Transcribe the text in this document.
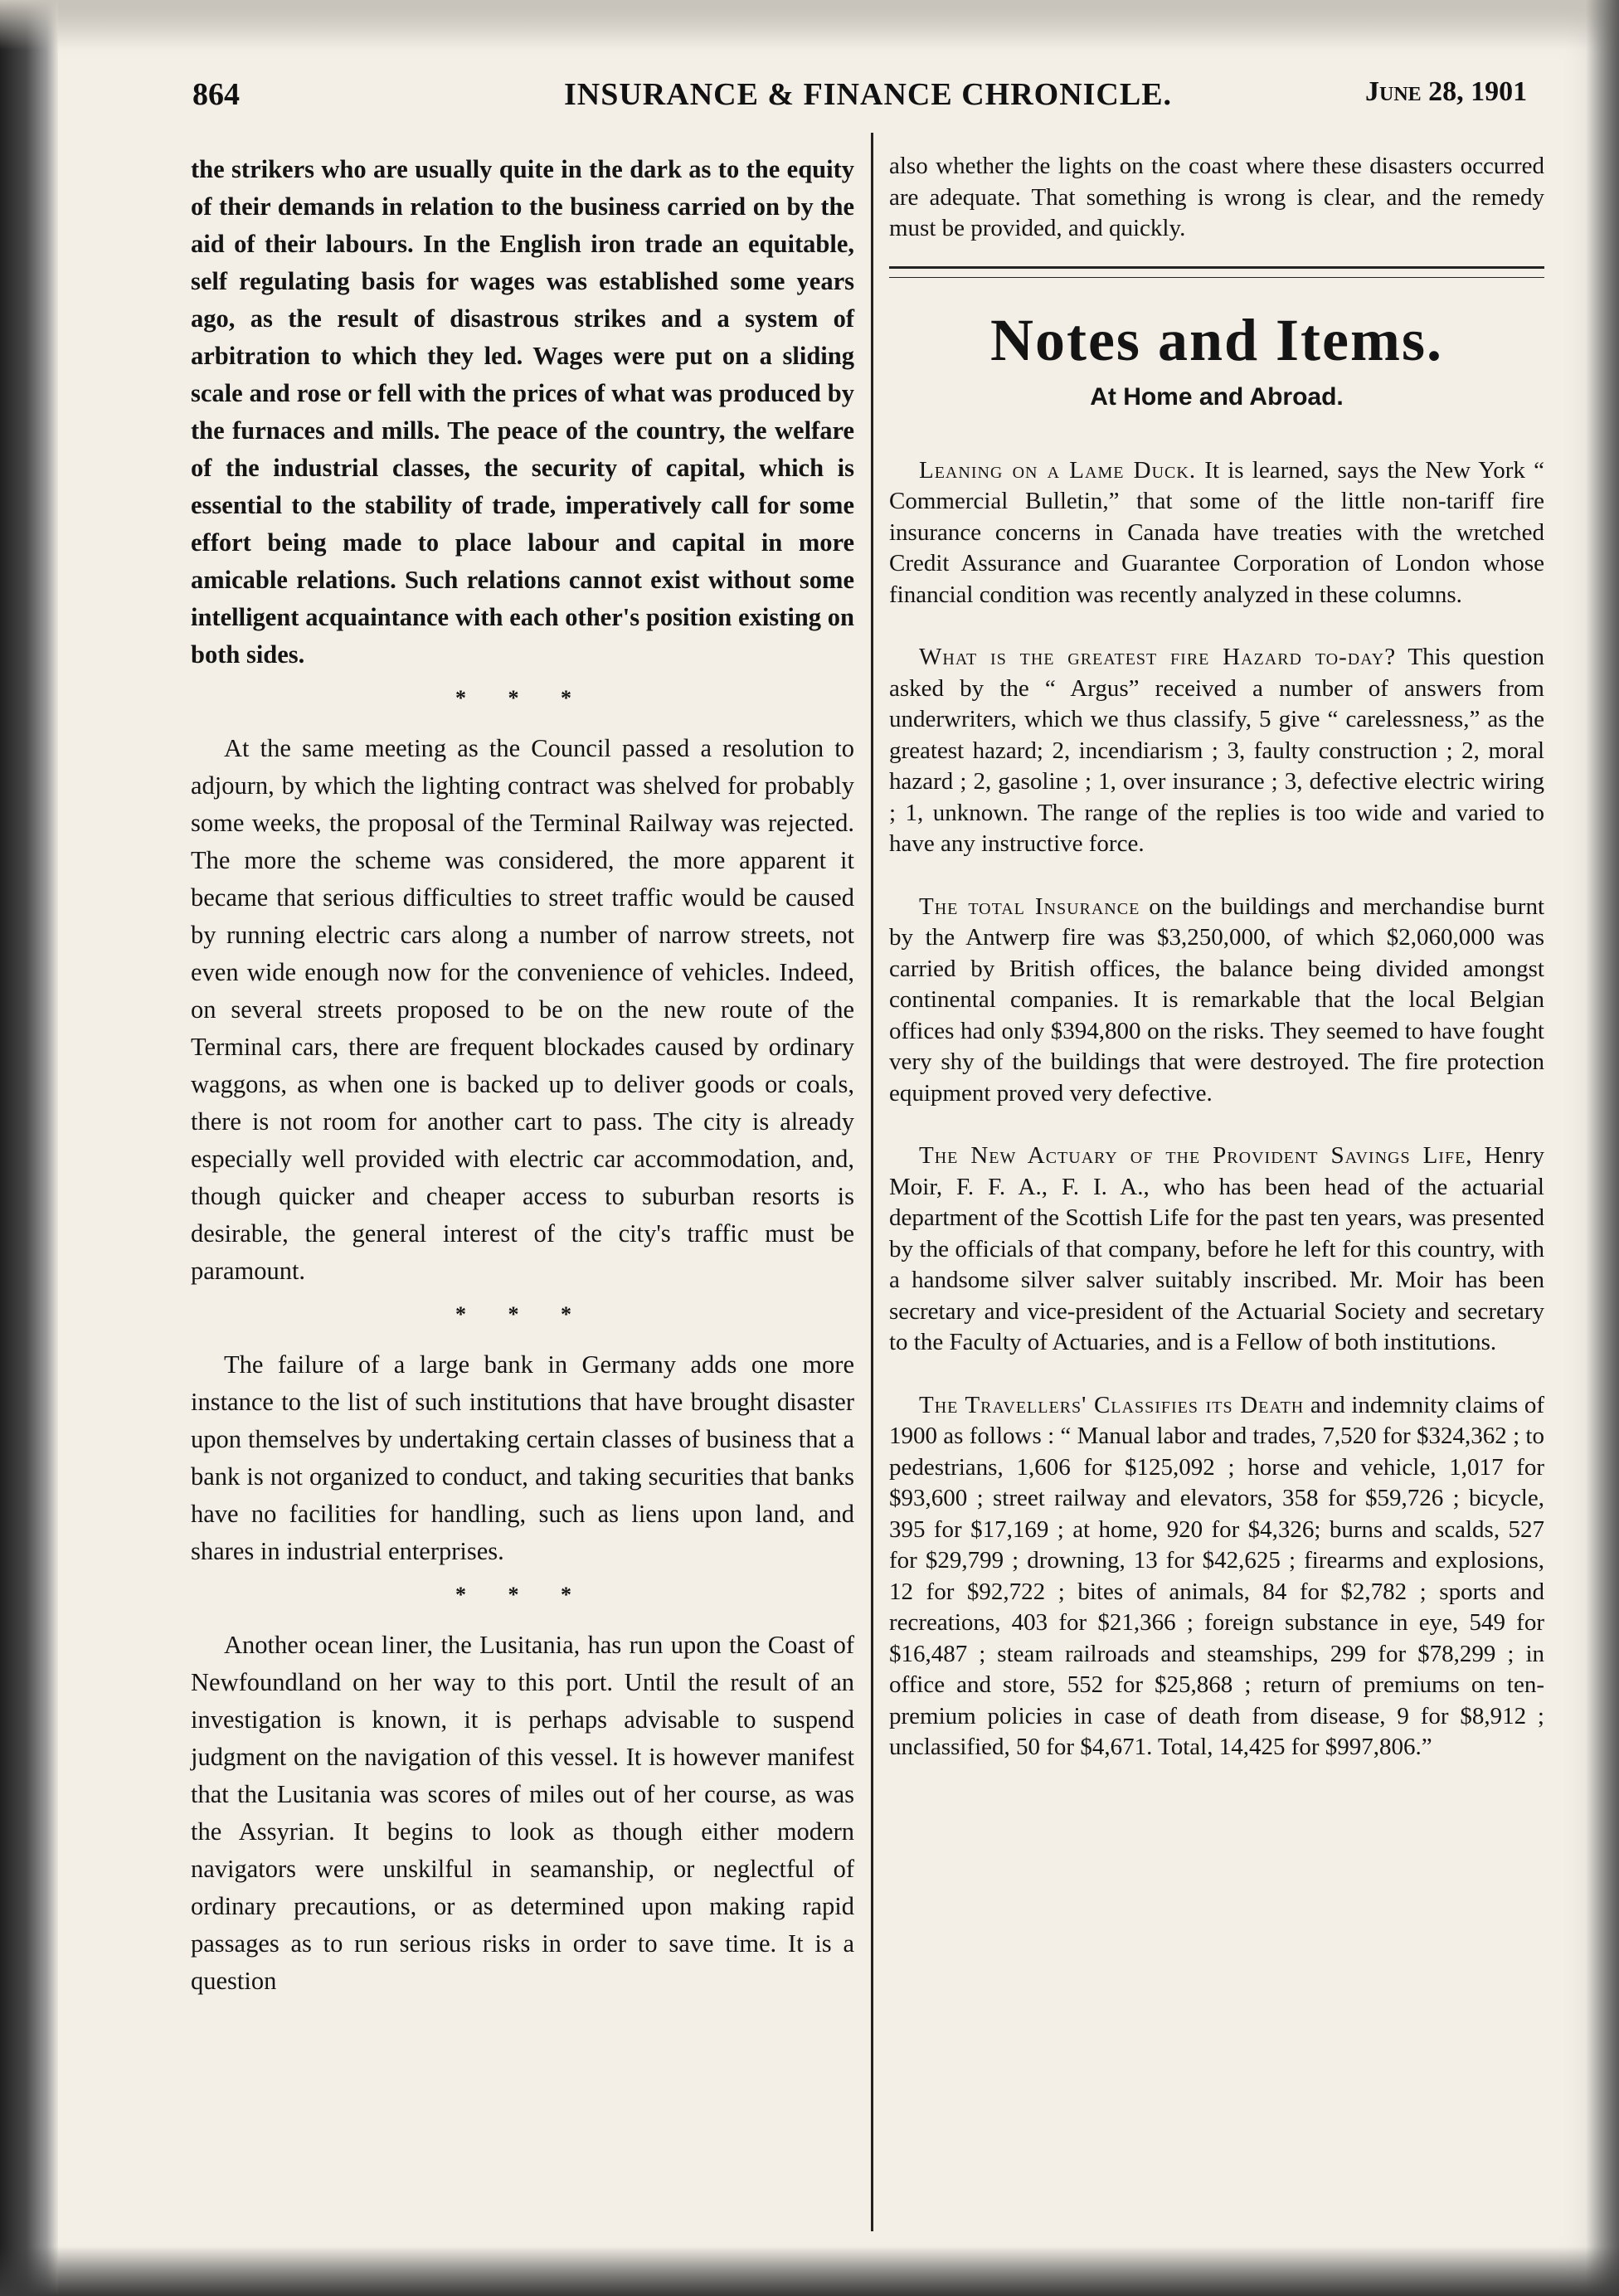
864	INSURANCE & FINANCE CHRONICLE.	June 28, 1901

the strikers who are usually quite in the dark as to the equity of their demands in relation to the business carried on by the aid of their labours. In the English iron trade an equitable, self regulating basis for wages was established some years ago, as the result of disastrous strikes and a system of arbitration to which they led. Wages were put on a sliding scale and rose or fell with the prices of what was produced by the furnaces and mills. The peace of the country, the welfare of the industrial classes, the security of capital, which is essential to the stability of trade, imperatively call for some effort being made to place labour and capital in more amicable relations. Such relations cannot exist without some intelligent acquaintance with each other's position existing on both sides.

* * *

At the same meeting as the Council passed a resolution to adjourn, by which the lighting contract was shelved for probably some weeks, the proposal of the Terminal Railway was rejected. The more the scheme was considered, the more apparent it became that serious difficulties to street traffic would be caused by running electric cars along a number of narrow streets, not even wide enough now for the convenience of vehicles. Indeed, on several streets proposed to be on the new route of the Terminal cars, there are frequent blockades caused by ordinary waggons, as when one is backed up to deliver goods or coals, there is not room for another cart to pass. The city is already especially well provided with electric car accommodation, and, though quicker and cheaper access to suburban resorts is desirable, the general interest of the city's traffic must be paramount.

* * *

The failure of a large bank in Germany adds one more instance to the list of such institutions that have brought disaster upon themselves by undertaking certain classes of business that a bank is not organized to conduct, and taking securities that banks have no facilities for handling, such as liens upon land, and shares in industrial enterprises.

* * *

Another ocean liner, the Lusitania, has run upon the Coast of Newfoundland on her way to this port. Until the result of an investigation is known, it is perhaps advisable to suspend judgment on the navigation of this vessel. It is however manifest that the Lusitania was scores of miles out of her course, as was the Assyrian. It begins to look as though either modern navigators were unskilful in seamanship, or neglectful of ordinary precautions, or as determined upon making rapid passages as to run serious risks in order to save time. It is a question

also whether the lights on the coast where these disasters occurred are adequate. That something is wrong is clear, and the remedy must be provided, and quickly.

Notes and Items.
At Home and Abroad.

Leaning on a Lame Duck. It is learned, says the New York “ Commercial Bulletin,” that some of the little non-tariff fire insurance concerns in Canada have treaties with the wretched Credit Assurance and Guarantee Corporation of London whose financial condition was recently analyzed in these columns.

What is the greatest fire Hazard to-day? This question asked by the “ Argus” received a number of answers from underwriters, which we thus classify, 5 give “ carelessness,” as the greatest hazard; 2, incendiarism ; 3, faulty construction ; 2, moral hazard ; 2, gasoline ; 1, over insurance ; 3, defective electric wiring ; 1, unknown. The range of the replies is too wide and varied to have any instructive force.

The total Insurance on the buildings and merchandise burnt by the Antwerp fire was $3,250,000, of which $2,060,000 was carried by British offices, the balance being divided amongst continental companies. It is remarkable that the local Belgian offices had only $394,800 on the risks. They seemed to have fought very shy of the buildings that were destroyed. The fire protection equipment proved very defective.

The New Actuary of the Provident Savings Life, Henry Moir, F. F. A., F. I. A., who has been head of the actuarial department of the Scottish Life for the past ten years, was presented by the officials of that company, before he left for this country, with a handsome silver salver suitably inscribed. Mr. Moir has been secretary and vice-president of the Actuarial Society and secretary to the Faculty of Actuaries, and is a Fellow of both institutions.

The Travellers' Classifies its Death and indemnity claims of 1900 as follows : “ Manual labor and trades, 7,520 for $324,362 ; to pedestrians, 1,606 for $125,092 ; horse and vehicle, 1,017 for $93,600 ; street railway and elevators, 358 for $59,726 ; bicycle, 395 for $17,169 ; at home, 920 for $4,326; burns and scalds, 527 for $29,799 ; drowning, 13 for $42,625 ; firearms and explosions, 12 for $92,722 ; bites of animals, 84 for $2,782 ; sports and recreations, 403 for $21,366 ; foreign substance in eye, 549 for $16,487 ; steam railroads and steamships, 299 for $78,299 ; in office and store, 552 for $25,868 ; return of premiums on ten-premium policies in case of death from disease, 9 for $8,912 ; unclassified, 50 for $4,671. Total, 14,425 for $997,806.”
